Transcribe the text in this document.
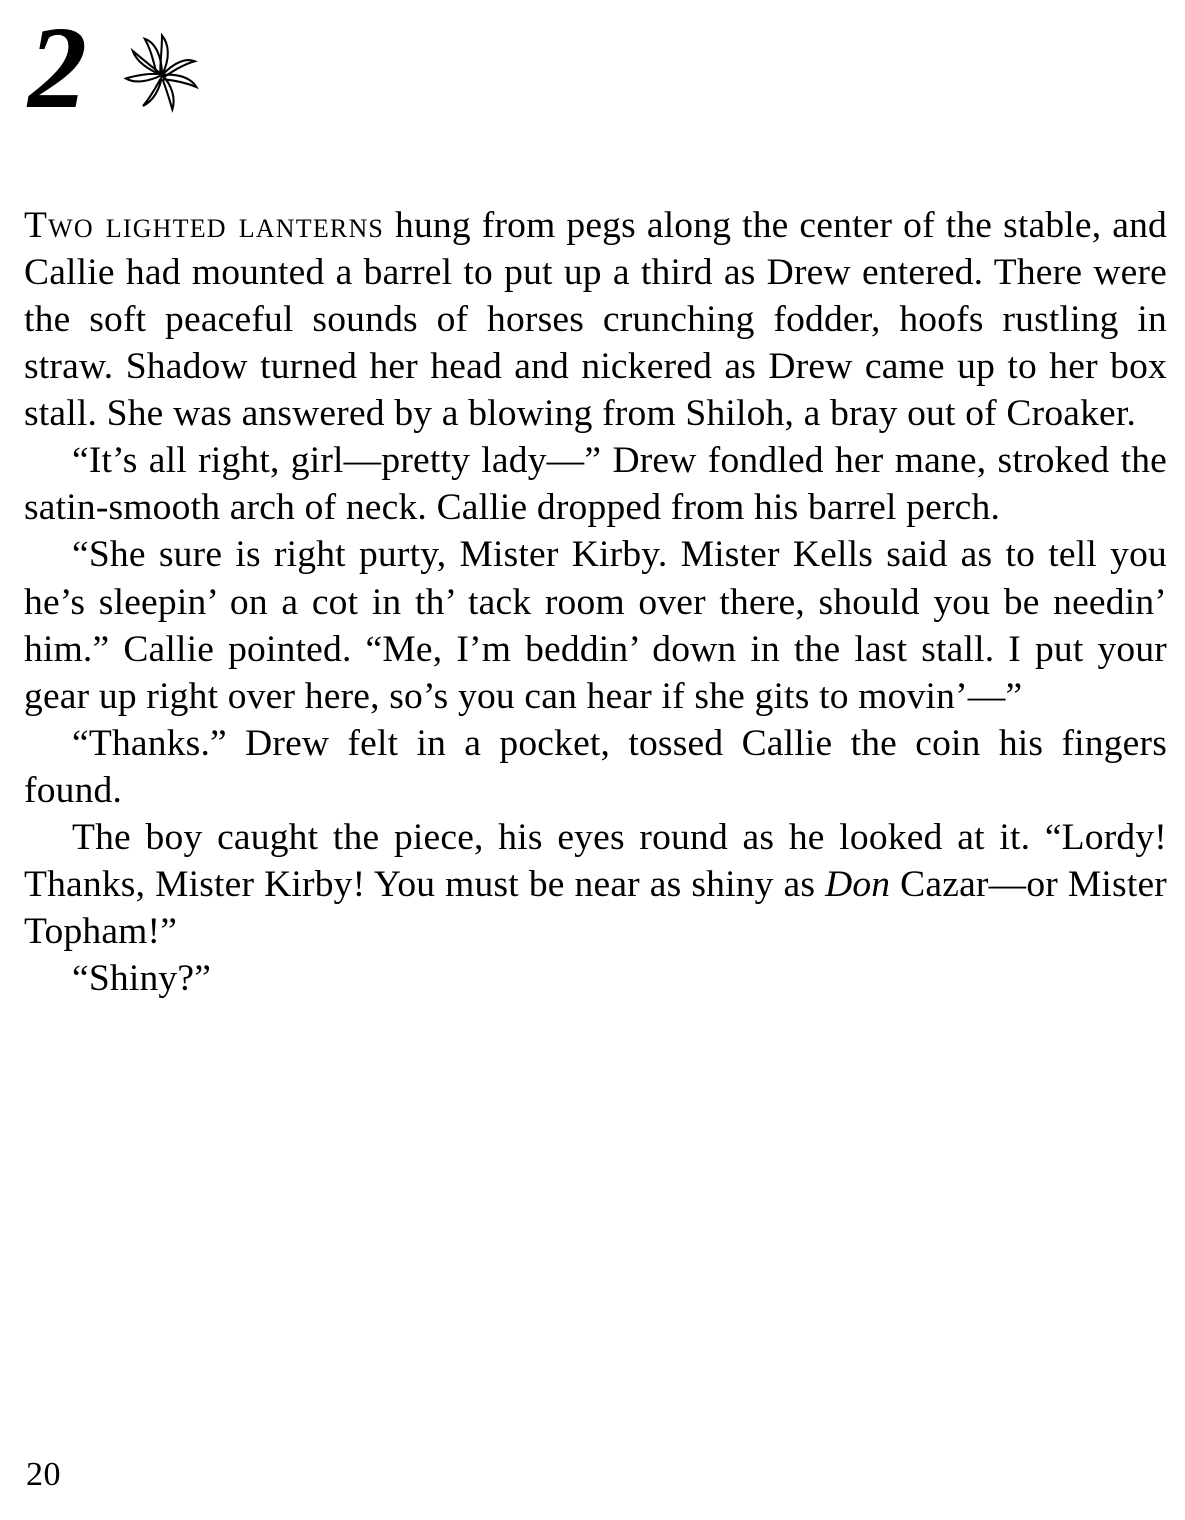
2

Two lighted lanterns hung from pegs along the center of the stable, and Callie had mounted a barrel to put up a third as Drew entered. There were the soft peaceful sounds of horses crunching fodder, hoofs rustling in straw. Shadow turned her head and nickered as Drew came up to her box stall. She was answered by a blowing from Shiloh, a bray out of Croaker.

“It’s all right, girl—pretty lady—” Drew fondled her mane, stroked the satin-smooth arch of neck. Callie dropped from his barrel perch.

“She sure is right purty, Mister Kirby. Mister Kells said as to tell you he’s sleepin’ on a cot in th’ tack room over there, should you be needin’ him.” Callie pointed. “Me, I’m beddin’ down in the last stall. I put your gear up right over here, so’s you can hear if she gits to movin’—”

“Thanks.” Drew felt in a pocket, tossed Callie the coin his fingers found.

The boy caught the piece, his eyes round as he looked at it. “Lordy! Thanks, Mister Kirby! You must be near as shiny as Don Cazar—or Mister Topham!”

“Shiny?”

20
